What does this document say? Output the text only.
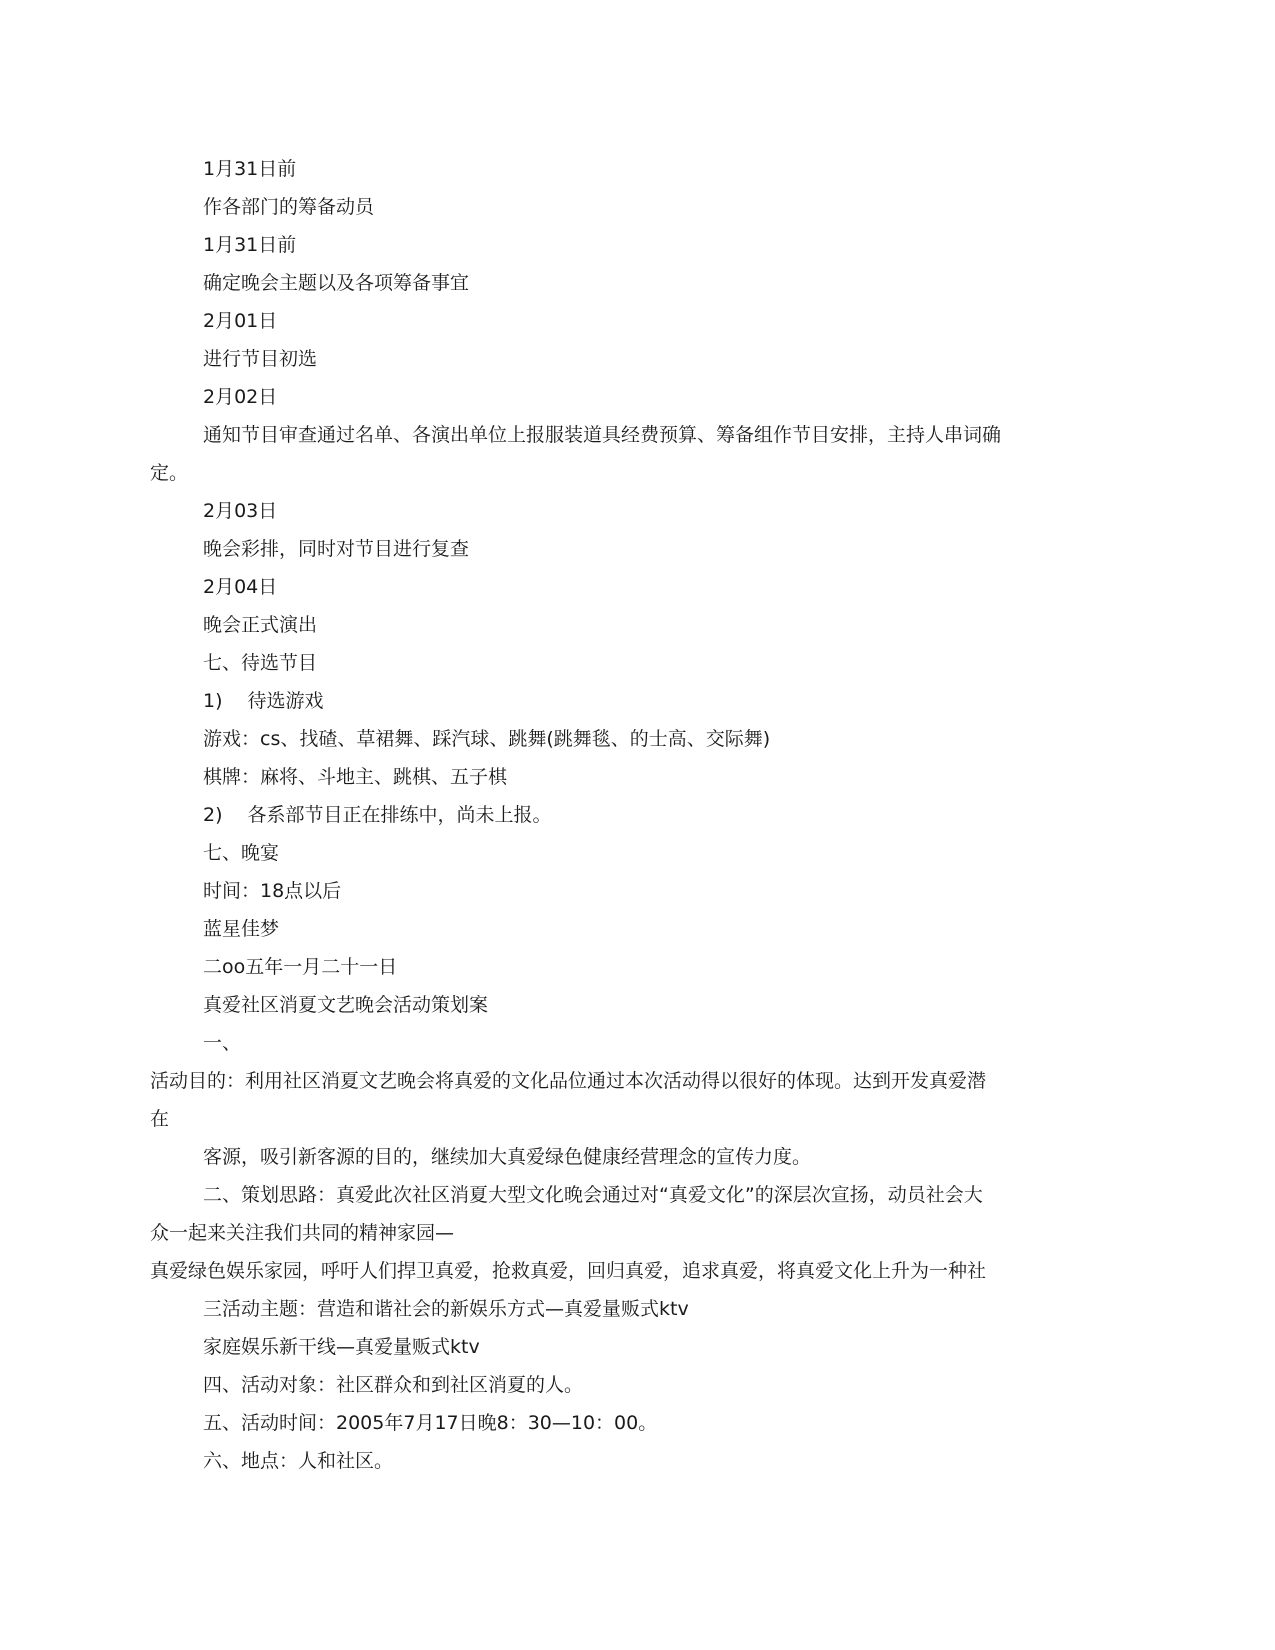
1月31日前
作各部门的筹备动员
1月31日前
确定晚会主题以及各项筹备事宜
2月01日
进行节目初选
2月02日
通知节目审查通过名单、各演出单位上报服装道具经费预算、筹备组作节目安排，主持人串词确
定。
2月03日
晚会彩排，同时对节目进行复查
2月04日
晚会正式演出
七、待选节目
1)　 待选游戏
游戏：cs、找碴、草裙舞、踩汽球、跳舞(跳舞毯、的士高、交际舞)
棋牌：麻将、斗地主、跳棋、五子棋
2)　 各系部节目正在排练中，尚未上报。
七、晚宴
时间：18点以后
蓝星佳梦
二oo五年一月二十一日
真爱社区消夏文艺晚会活动策划案
一、
活动目的：利用社区消夏文艺晚会将真爱的文化品位通过本次活动得以很好的体现。达到开发真爱潜
在
客源，吸引新客源的目的，继续加大真爱绿色健康经营理念的宣传力度。
二、策划思路：真爱此次社区消夏大型文化晚会通过对“真爱文化”的深层次宣扬，动员社会大
众一起来关注我们共同的精神家园—
真爱绿色娱乐家园，呼吁人们捍卫真爱，抢救真爱，回归真爱，追求真爱，将真爱文化上升为一种社
三活动主题：营造和谐社会的新娱乐方式—真爱量贩式ktv
家庭娱乐新干线—真爱量贩式ktv
四、活动对象：社区群众和到社区消夏的人。
五、活动时间：2005年7月17日晚8：30—10：00。
六、地点：人和社区。
